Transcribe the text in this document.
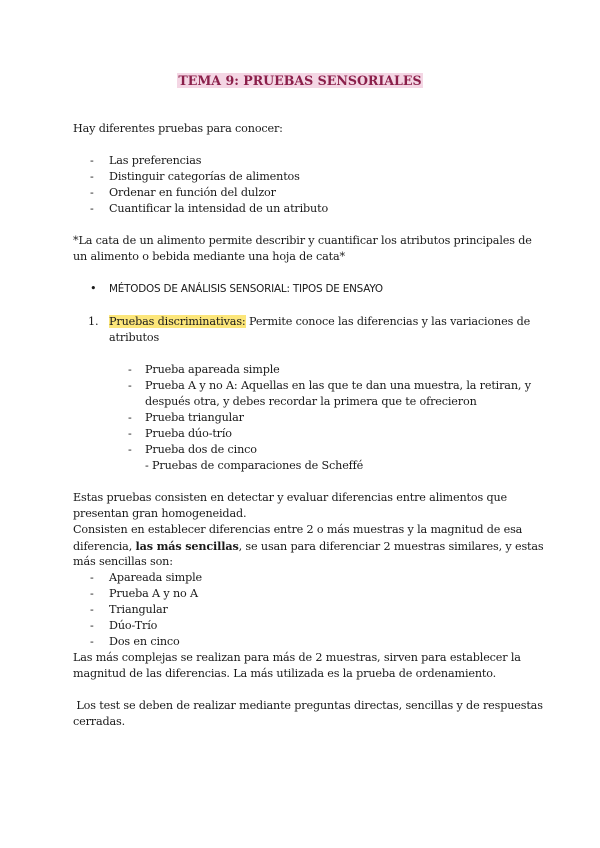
TEMA 9: PRUEBAS SENSORIALES

Hay diferentes pruebas para conocer:

- Las preferencias

- Distinguir categorías de alimentos

- Ordenar en función del dulzor

- Cuantificar la intensidad de un atributo

*La cata de un alimento permite describir y cuantificar los atributos principales de

un alimento o bebida mediante una hoja de cata*

• MÉTODOS DE ANÁLISIS SENSORIAL: TIPOS DE ENSAYO

1. Pruebas discriminativas: Permite conoce las diferencias y las variaciones de

atributos

- Prueba apareada simple

- Prueba A y no A: Aquellas en las que te dan una muestra, la retiran, y

después otra, y debes recordar la primera que te ofrecieron

- Prueba triangular

- Prueba dúo-trío

- Prueba dos de cinco

- Pruebas de comparaciones de Scheffé

Estas pruebas consisten en detectar y evaluar diferencias entre alimentos que

presentan gran homogeneidad.

Consisten en establecer diferencias entre 2 o más muestras y la magnitud de esa

diferencia, las más sencillas, se usan para diferenciar 2 muestras similares, y estas

más sencillas son:

- Apareada simple

- Prueba A y no A

- Triangular

- Dúo-Trío

- Dos en cinco

Las más complejas se realizan para más de 2 muestras, sirven para establecer la

magnitud de las diferencias. La más utilizada es la prueba de ordenamiento.

Los test se deben de realizar mediante preguntas directas, sencillas y de respuestas

cerradas.
